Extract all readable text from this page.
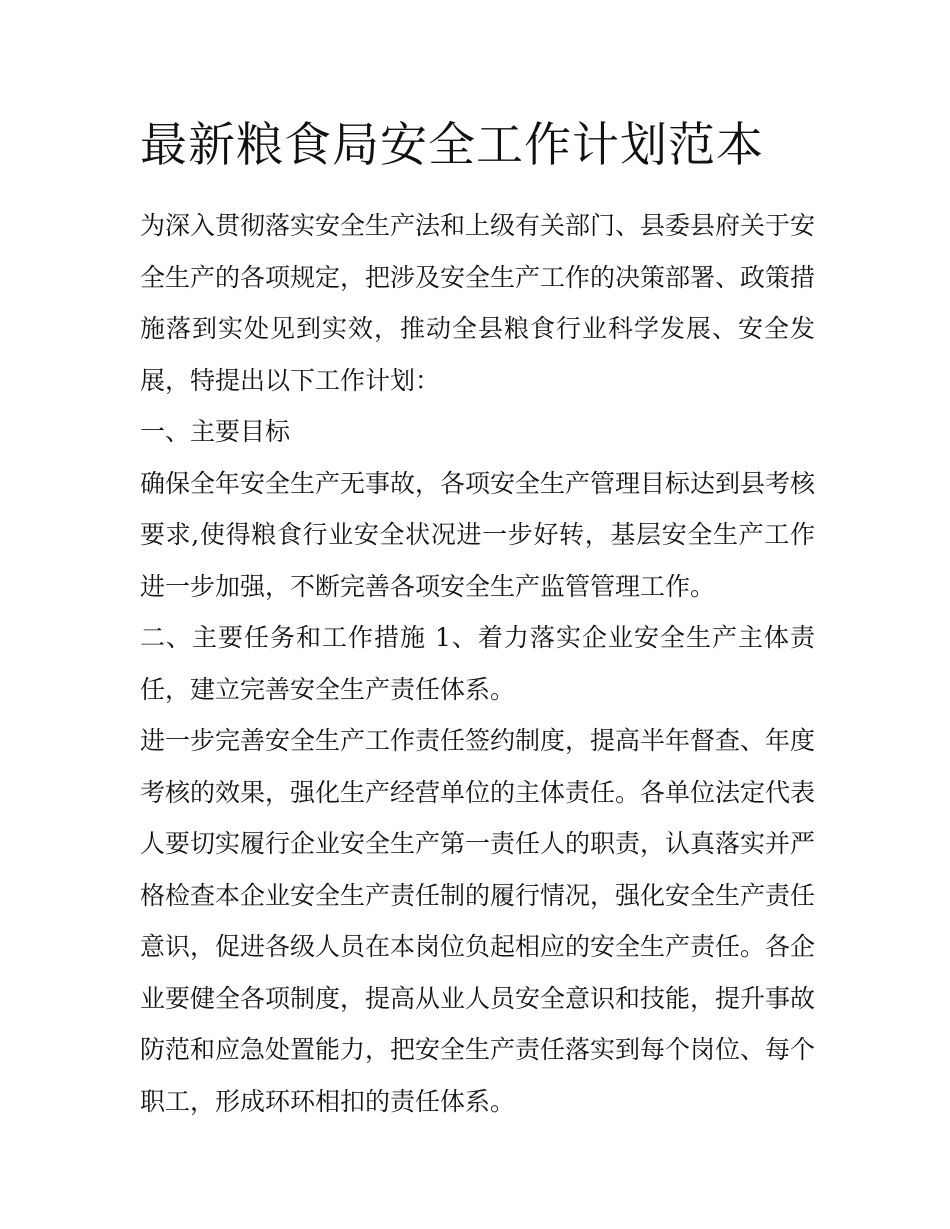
最新粮食局安全工作计划范本

为深入贯彻落实安全生产法和上级有关部门、县委县府关于安全生产的各项规定，把涉及安全生产工作的决策部署、政策措施落到实处见到实效，推动全县粮食行业科学发展、安全发展，特提出以下工作计划：

一、主要目标

确保全年安全生产无事故，各项安全生产管理目标达到县考核要求,使得粮食行业安全状况进一步好转，基层安全生产工作进一步加强，不断完善各项安全生产监管管理工作。

二、主要任务和工作措施 1、着力落实企业安全生产主体责任，建立完善安全生产责任体系。

进一步完善安全生产工作责任签约制度，提高半年督查、年度考核的效果，强化生产经营单位的主体责任。各单位法定代表人要切实履行企业安全生产第一责任人的职责，认真落实并严格检查本企业安全生产责任制的履行情况，强化安全生产责任意识，促进各级人员在本岗位负起相应的安全生产责任。各企业要健全各项制度，提高从业人员安全意识和技能，提升事故防范和应急处置能力，把安全生产责任落实到每个岗位、每个职工，形成环环相扣的责任体系。
